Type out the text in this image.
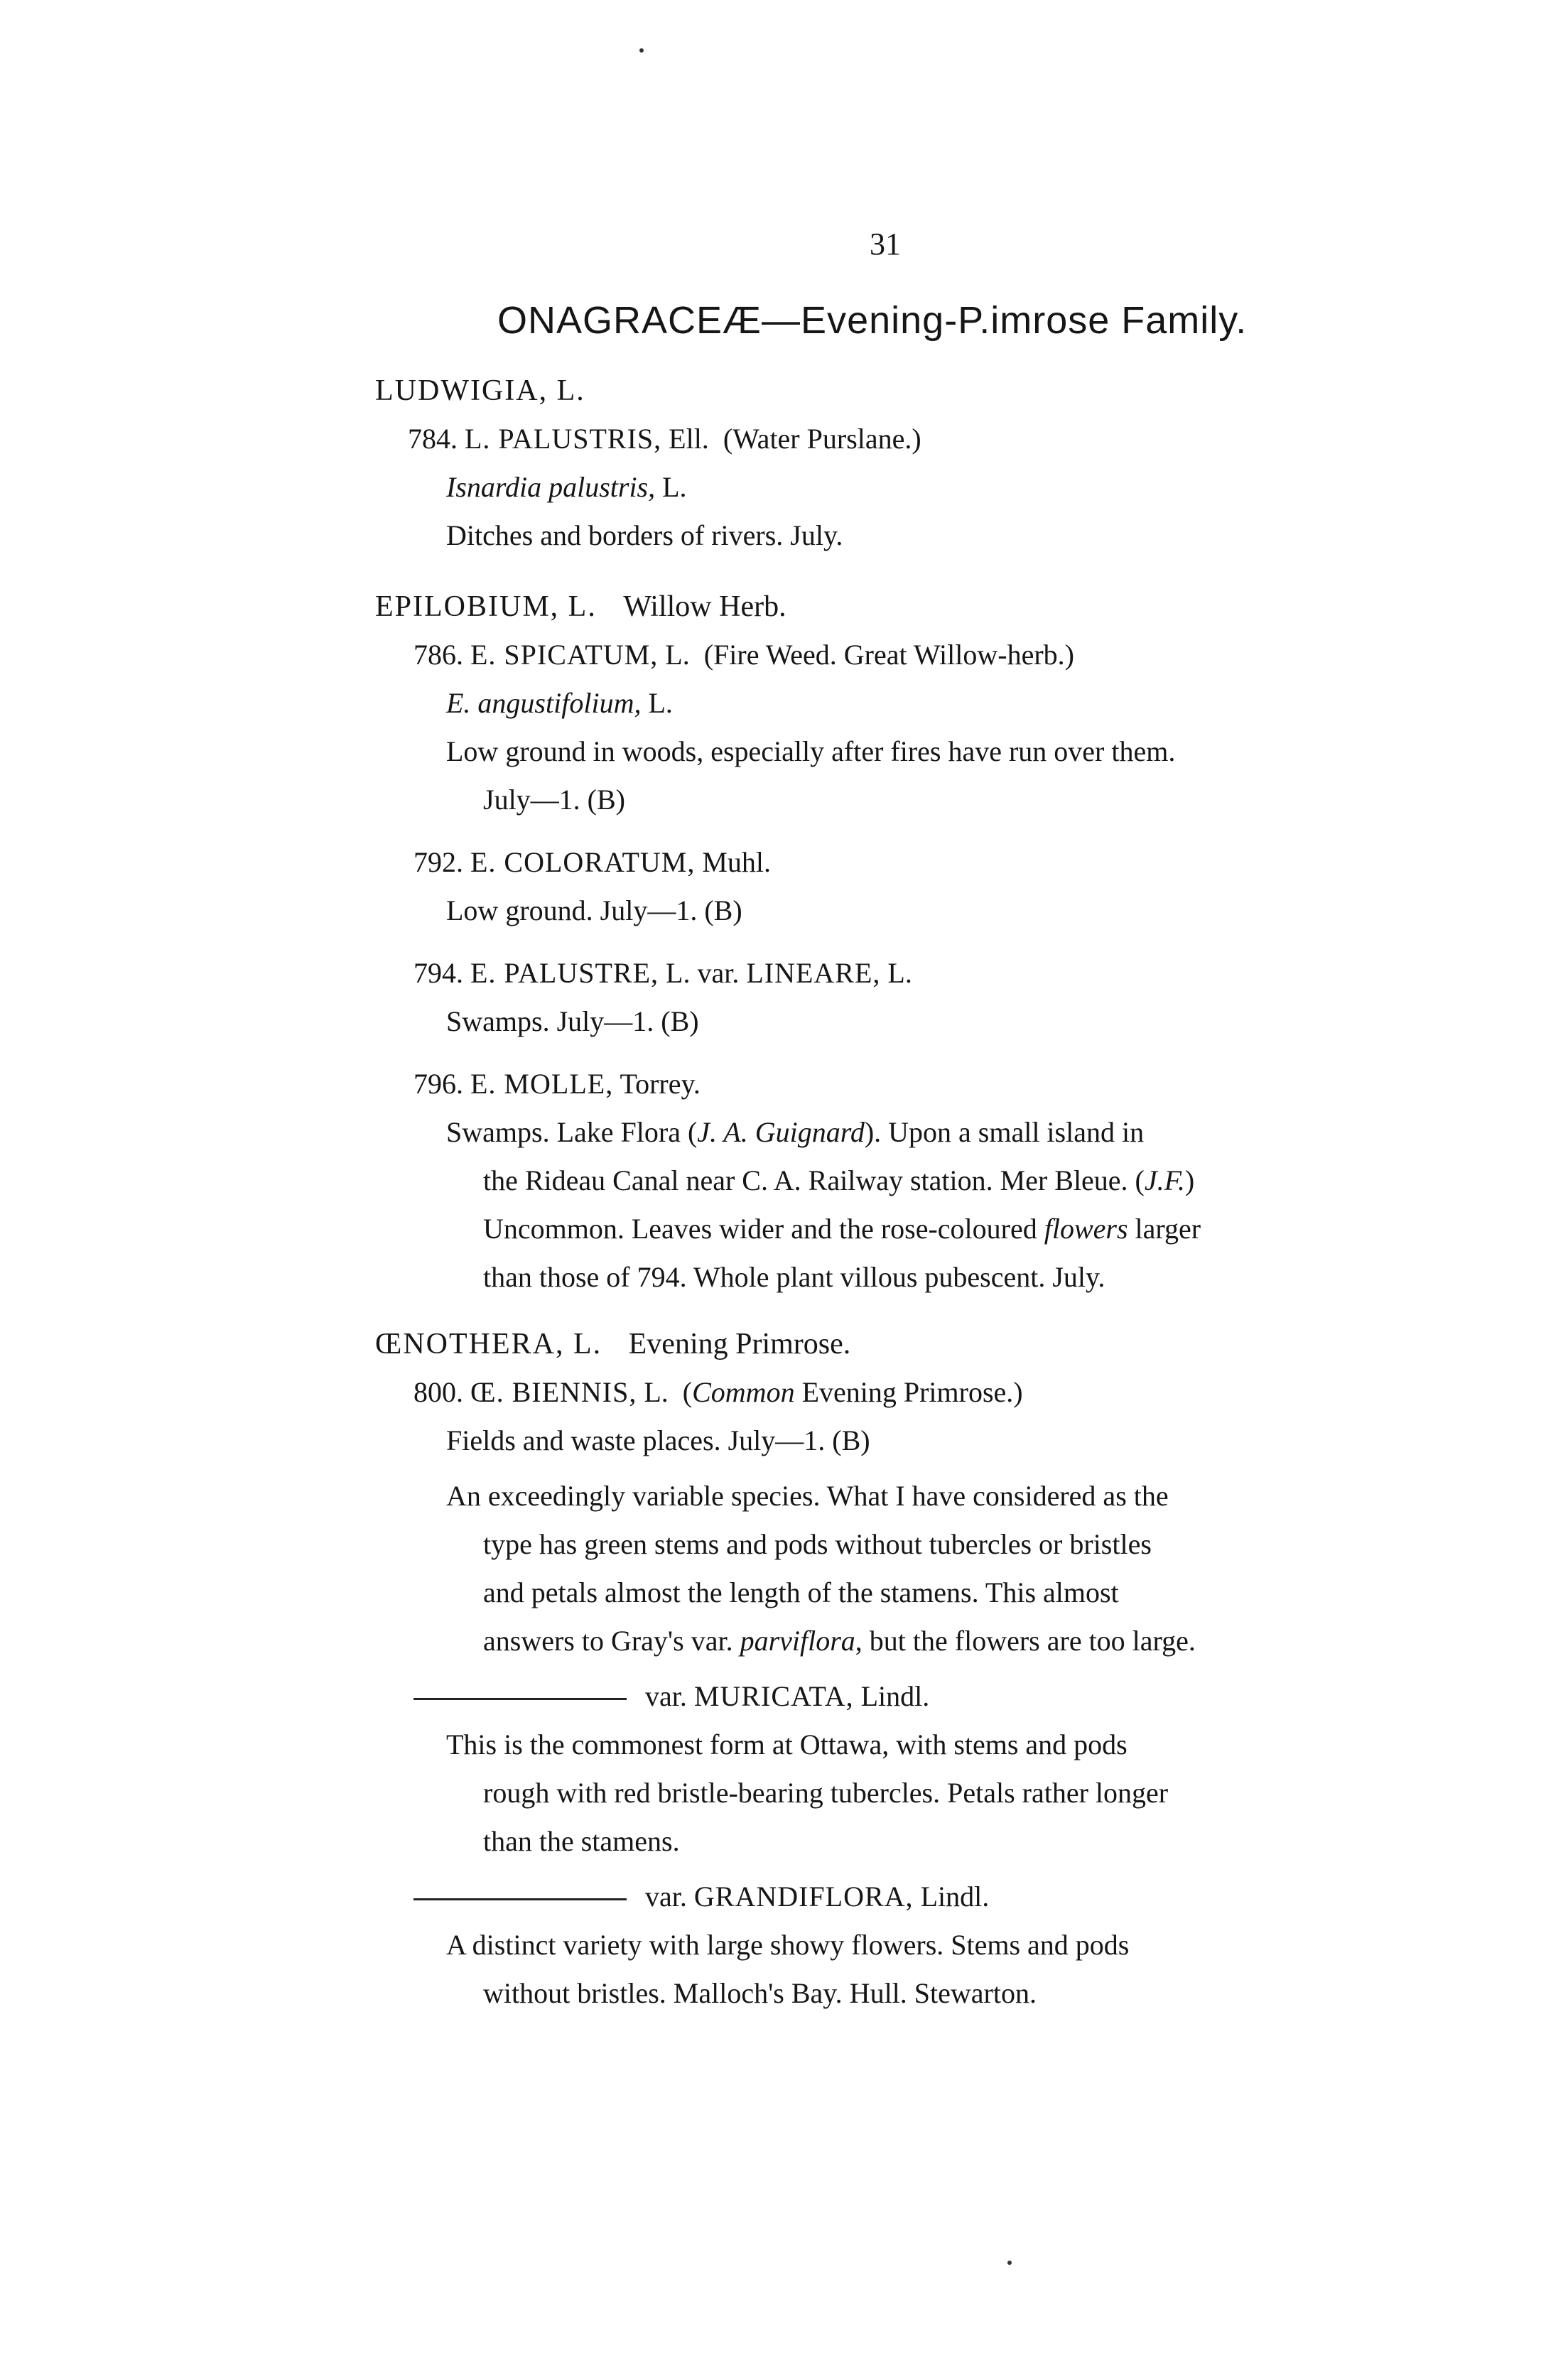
31
ONAGRACEÆ—Evening-P.imrose Family.
LUDWIGIA, L.
784. L. PALUSTRIS, Ell. (Water Purslane.)
Isnardia palustris, L.
Ditches and borders of rivers. July.
EPILOBIUM, L. Willow Herb.
786. E. SPICATUM, L. (Fire Weed. Great Willow-herb.)
E. angustifolium, L.
Low ground in woods, especially after fires have run over them.
July—1. (B)
792. E. COLORATUM, Muhl.
Low ground. July—1. (B)
794. E. PALUSTRE, L. var. LINEARE, L.
Swamps. July—1. (B)
796. E. MOLLE, Torrey.
Swamps. Lake Flora (J. A. Guignard). Upon a small island in
the Rideau Canal near C. A. Railway station. Mer Bleue. (J.F.)
Uncommon. Leaves wider and the rose-coloured flowers larger
than those of 794. Whole plant villous pubescent. July.
ŒNOTHERA, L. Evening Primrose.
800. Œ. BIENNIS, L. (Common Evening Primrose.)
Fields and waste places. July—1. (B)
An exceedingly variable species. What I have considered as the
type has green stems and pods without tubercles or bristles
and petals almost the length of the stamens. This almost
answers to Gray's var. parviflora, but the flowers are too large.
var. MURICATA, Lindl.
This is the commonest form at Ottawa, with stems and pods
rough with red bristle-bearing tubercles. Petals rather longer
than the stamens.
var. GRANDIFLORA, Lindl.
A distinct variety with large showy flowers. Stems and pods
without bristles. Malloch's Bay. Hull. Stewarton.
